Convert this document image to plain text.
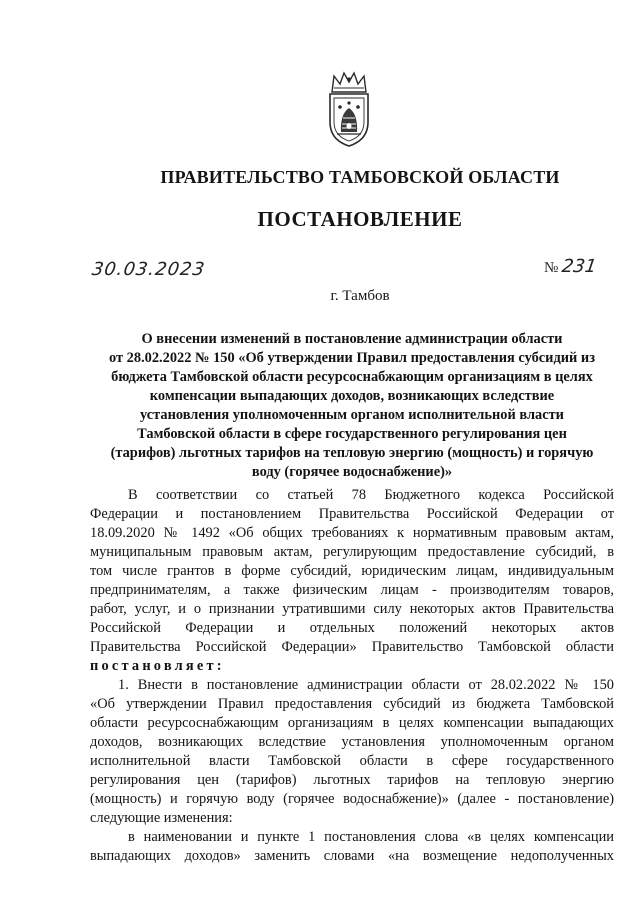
ПРАВИТЕЛЬСТВО ТАМБОВСКОЙ ОБЛАСТИ
ПОСТАНОВЛЕНИЕ
30.03.2023	№ 231
г. Тамбов
О внесении изменений в постановление администрации области
от 28.02.2022 № 150 «Об утверждении Правил предоставления субсидий из
бюджета Тамбовской области ресурсоснабжающим организациям в целях
компенсации выпадающих доходов, возникающих вследствие
установления уполномоченным органом исполнительной власти
Тамбовской области в сфере государственного регулирования цен
(тарифов) льготных тарифов на тепловую энергию (мощность) и горячую
воду (горячее водоснабжение)»
В соответствии со статьей 78 Бюджетного кодекса Российской
Федерации и постановлением Правительства Российской Федерации от
18.09.2020 № 1492 «Об общих требованиях к нормативным правовым актам,
муниципальным правовым актам, регулирующим предоставление субсидий, в
том числе грантов в форме субсидий, юридическим лицам, индивидуальным
предпринимателям, а также физическим лицам - производителям товаров,
работ, услуг, и о признании утратившими силу некоторых актов Правительства
Российской Федерации и отдельных положений некоторых актов
Правительства Российской Федерации» Правительство Тамбовской области
постановляет:
1. Внести в постановление администрации области от 28.02.2022 № 150
«Об утверждении Правил предоставления субсидий из бюджета Тамбовской
области ресурсоснабжающим организациям в целях компенсации выпадающих
доходов, возникающих вследствие установления уполномоченным органом
исполнительной власти Тамбовской области в сфере государственного
регулирования цен (тарифов) льготных тарифов на тепловую энергию
(мощность) и горячую воду (горячее водоснабжение)» (далее - постановление)
следующие изменения:
в наименовании и пункте 1 постановления слова «в целях компенсации
выпадающих доходов» заменить словами «на возмещение недополученных
